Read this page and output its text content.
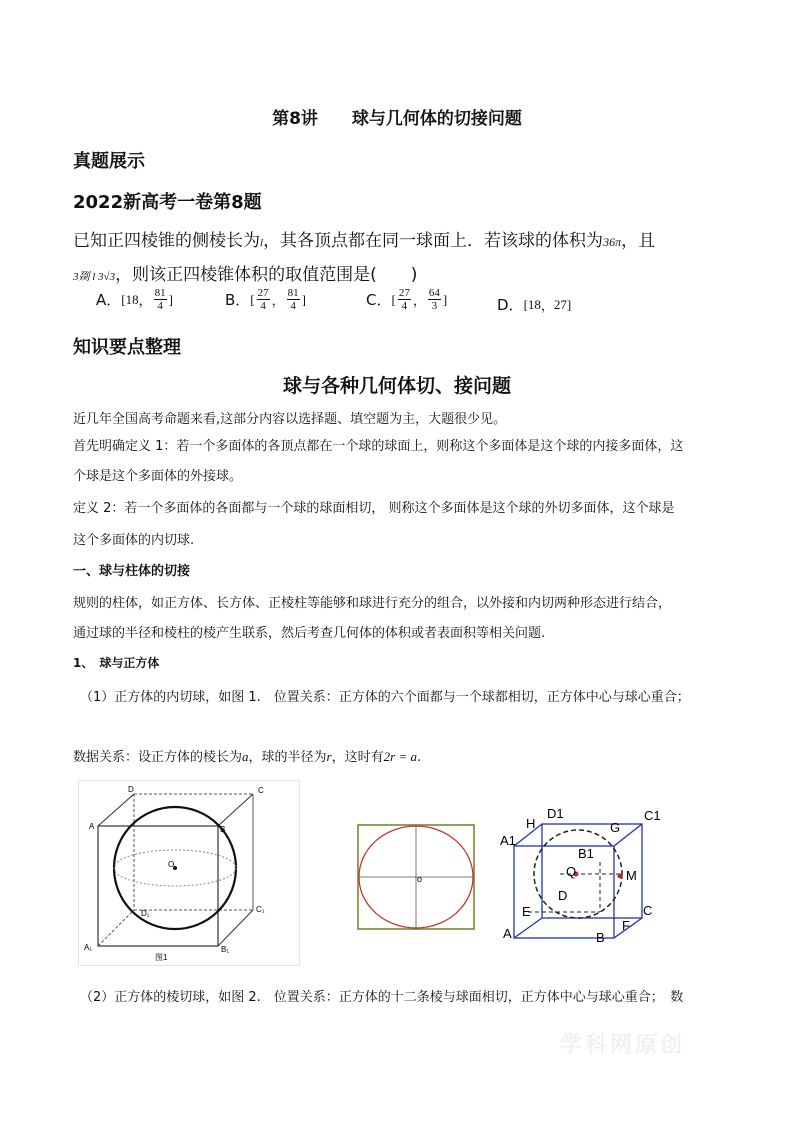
第8讲　　球与几何体的切接问题
真题展示
2022新高考一卷第8题
已知正四棱锥的侧棱长为l，其各顶点都在同一球面上．若该球的体积为36π，且
3剟 l 3√3，则该正四棱锥体积的取值范围是(　　)
A． [ 18 ， $\frac{81}{4}$ ]	B． [ $\frac{27}{4}$ ， $\frac{81}{4}$ ]	C． [ $\frac{27}{4}$ ， $\frac{64}{3}$ ]	D． [ 18 ， 27 ]
知识要点整理
球与各种几何体切、接问题
近几年全国高考命题来看,这部分内容以选择题、填空题为主，大题很少见。
首先明确定义 1：若一个多面体的各顶点都在一个球的球面上，则称这个多面体是这个球的内接多面体，这
个球是这个多面体的外接球。
定义 2：若一个多面体的各面都与一个球的球面相切， 则称这个多面体是这个球的外切多面体，这个球是
这个多面体的内切球.
一、球与柱体的切接
规则的柱体，如正方体、长方体、正棱柱等能够和球进行充分的组合，以外接和内切两种形态进行结合，
通过球的半径和棱柱的棱产生联系，然后考查几何体的体积或者表面积等相关问题.
1、　球与正方体
（1）正方体的内切球，如图 1.　位置关系：正方体的六个面都与一个球都相切，正方体中心与球心重合；
数据关系：设正方体的棱长为a，球的半径为r，这时有2r = a.
D	C
A	B
O
D₁	C₁
A₁	B₁
图1
o
D1	C1
A1
H	G
B1
Q	M
D
E	C
F
A	B
（2）正方体的棱切球，如图 2.　位置关系：正方体的十二条棱与球面相切，正方体中心与球心重合；　数
学科网原创
